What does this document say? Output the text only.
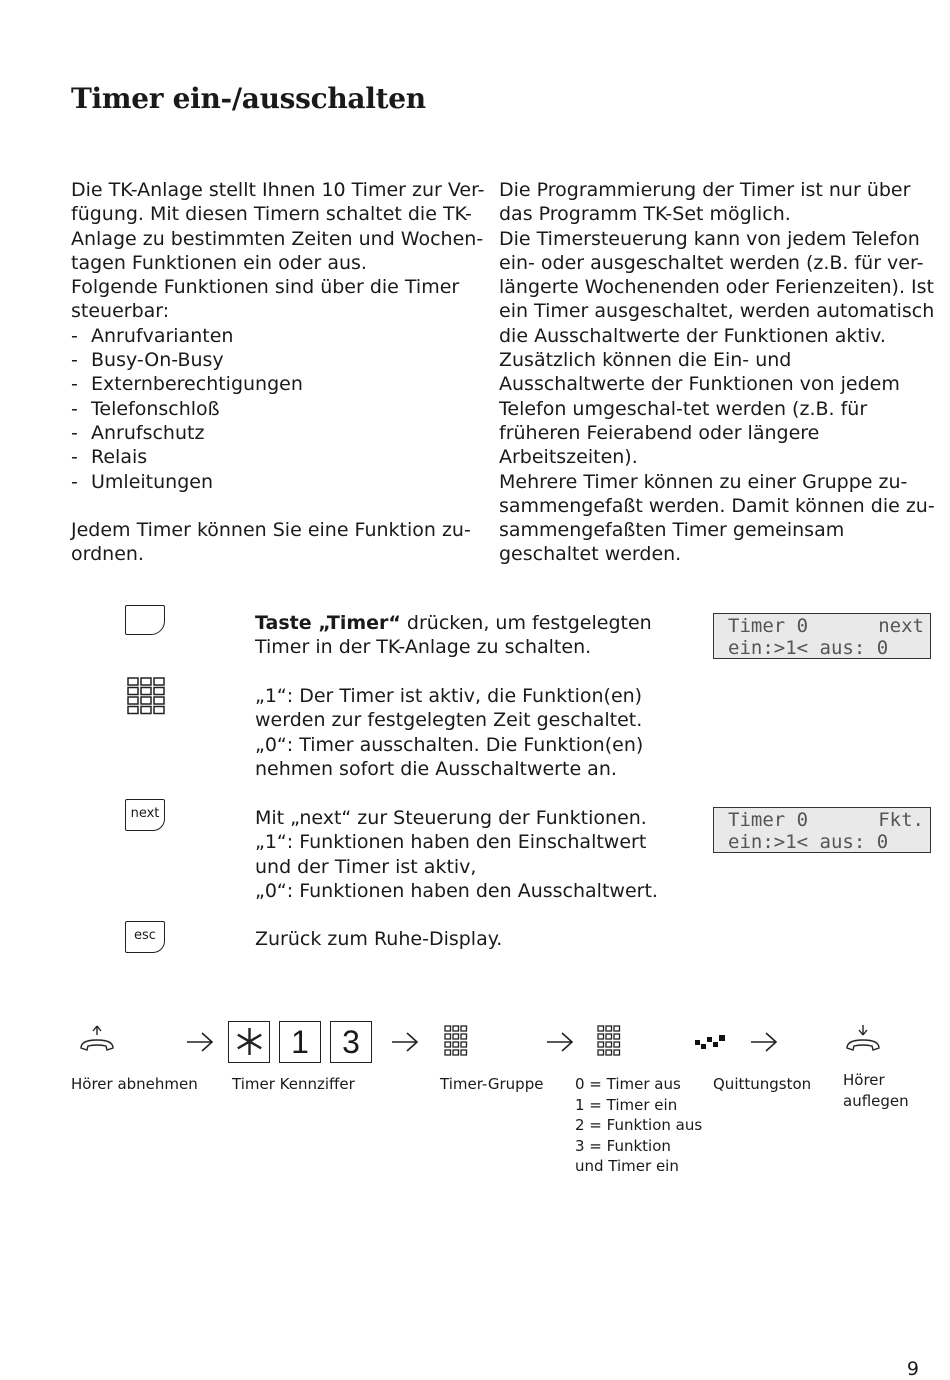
Timer ein-/ausschalten

Die TK-Anlage stellt Ihnen 10 Timer zur Ver-fügung. Mit diesen Timern schaltet die TK-Anlage zu bestimmten Zeiten und Wochen-tagen Funktionen ein oder aus.

Folgende Funktionen sind über die Timer steuerbar:

- Anrufvarianten
- Busy-On-Busy
- Externberechtigungen
- Telefonschloß
- Anrufschutz
- Relais
- Umleitungen

Jedem Timer können Sie eine Funktion zu-ordnen.

Die Programmierung der Timer ist nur über das Programm TK-Set möglich.

Die Timersteuerung kann von jedem Telefon ein- oder ausgeschaltet werden (z.B. für ver-längerte Wochenenden oder Ferienzeiten). Ist ein Timer ausgeschaltet, werden automatisch die Ausschaltwerte der Funktionen aktiv.

Zusätzlich können die Ein- und Ausschaltwerte der Funktionen von jedem Telefon umgeschal-tet werden (z.B. für früheren Feierabend oder längere Arbeitszeiten).

Mehrere Timer können zu einer Gruppe zu-sammengefaßt werden. Damit können die zu-sammengefaßten Timer gemeinsam geschaltet werden.

Taste „Timer“ drücken, um festgelegten

Timer in der TK-Anlage zu schalten.

Timer 0	next
ein:>1< aus: 0

„1“: Der Timer ist aktiv, die Funktion(en)

werden zur festgelegten Zeit geschaltet.

„0“: Timer ausschalten. Die Funktion(en)

nehmen sofort die Ausschaltwerte an.

next	Mit „next“ zur Steuerung der Funktionen.

„1“: Funktionen haben den Einschaltwert

und der Timer ist aktiv,

„0“: Funktionen haben den Ausschaltwert.

Timer 0	Fkt.
ein:>1< aus: 0
esc	Zurück zum Ruhe-Display.

1	3
Hörer abnehmen Timer Kennziffer	Timer-Gruppe 0 = Timer aus
1 = Timer ein
2 = Funktion aus
3 = Funktion
und Timer ein
Quittungston Hörer
auflegen
9
